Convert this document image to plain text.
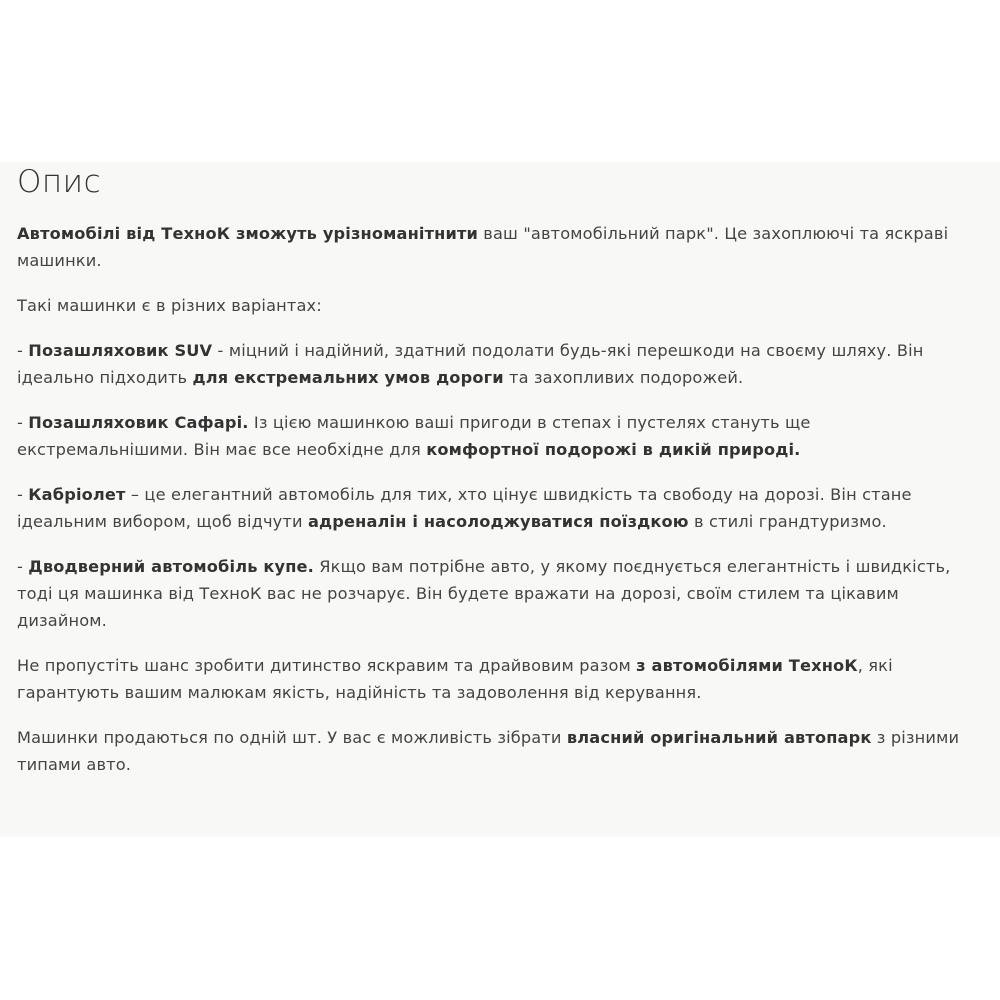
Опис

Автомобілі від ТехноК зможуть урізноманітнити ваш "автомобільний парк". Це захоплюючі та яскраві машинки.

Такі машинки є в різних варіантах:

- Позашляховик SUV - міцний і надійний, здатний подолати будь-які перешкоди на своєму шляху. Він ідеально підходить для екстремальних умов дороги та захопливих подорожей.

- Позашляховик Сафарі. Із цією машинкою ваші пригоди в степах і пустелях стануть ще екстремальнішими. Він має все необхідне для комфортної подорожі в дикій природі.

- Кабріолет – це елегантний автомобіль для тих, хто цінує швидкість та свободу на дорозі. Він стане ідеальним вибором, щоб відчути адреналін і насолоджуватися поїздкою в стилі грандтуризмо.

- Дводверний автомобіль купе. Якщо вам потрібне авто, у якому поєднується елегантність і швидкість, тоді ця машинка від ТехноК вас не розчарує. Він будете вражати на дорозі, своїм стилем та цікавим дизайном.

Не пропустіть шанс зробити дитинство яскравим та драйвовим разом з автомобілями ТехноК, які гарантують вашим малюкам якість, надійність та задоволення від керування.

Машинки продаються по одній шт. У вас є можливість зібрати власний оригінальний автопарк з різними типами авто.
